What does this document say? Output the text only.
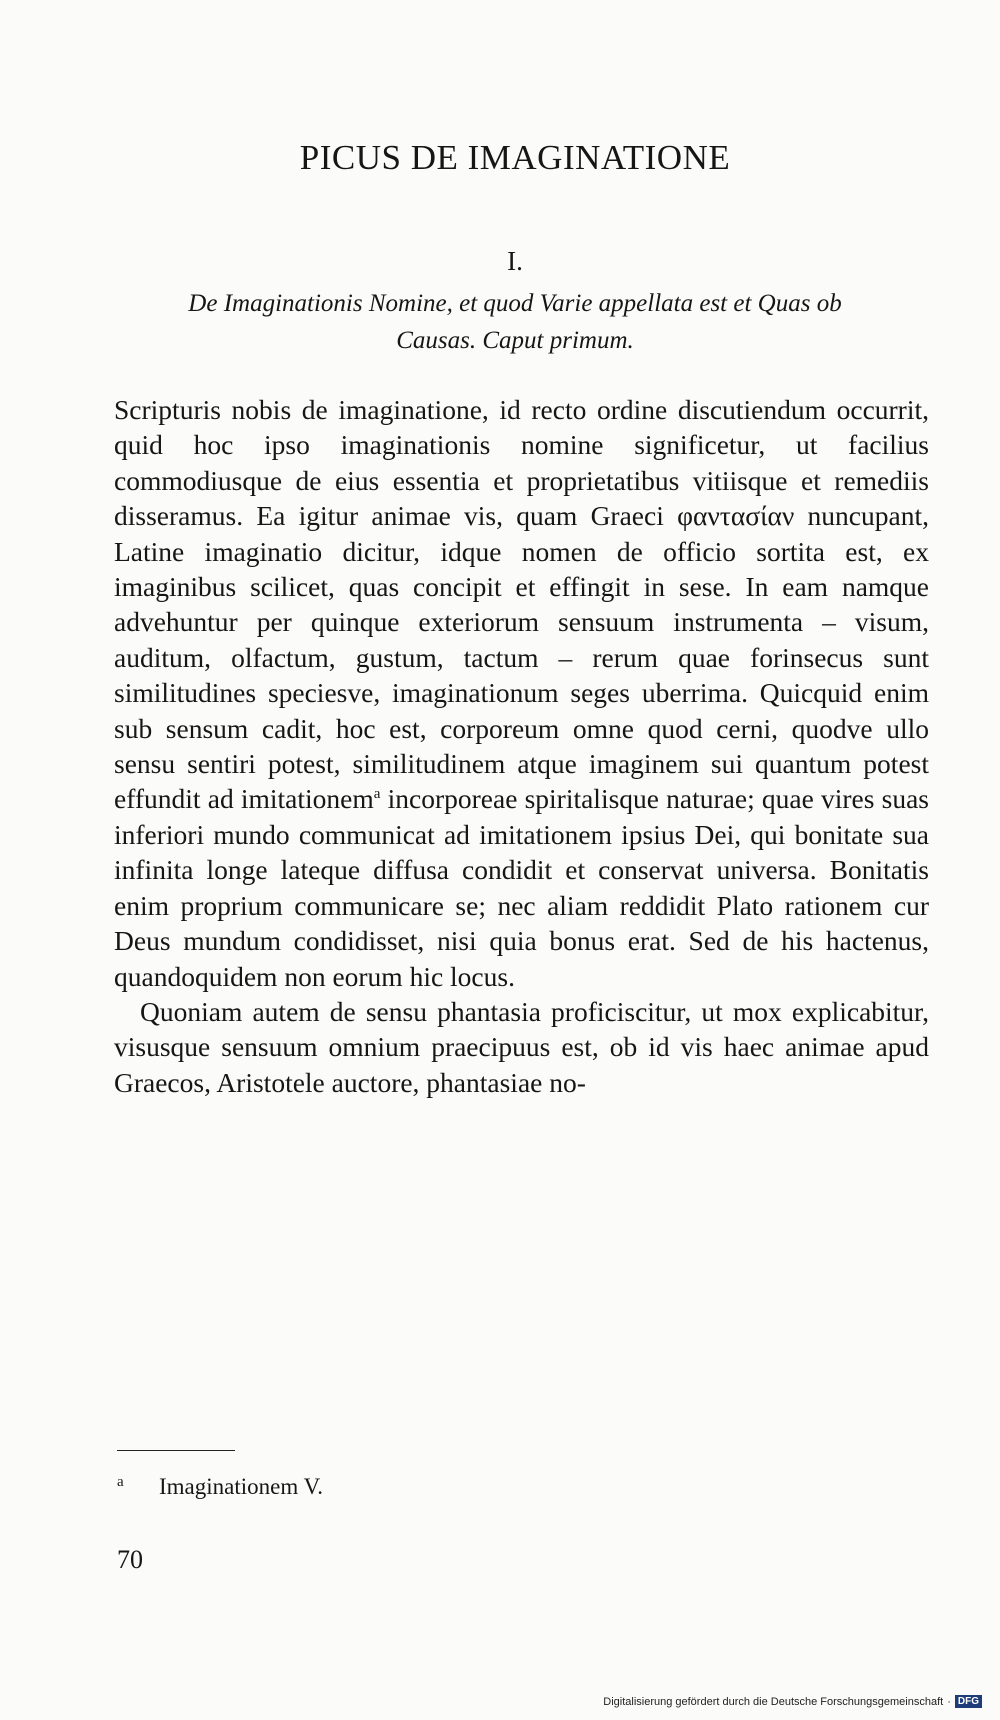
PICUS DE IMAGINATIONE
I.
De Imaginationis Nomine, et quod Varie appellata est et Quas ob
Causas. Caput primum.

Scripturis nobis de imaginatione, id recto ordine discutiendum occurrit, quid hoc ipso imaginationis nomine significetur, ut facilius commodiusque de eius essentia et proprietatibus vitiisque et remediis disseramus. Ea igitur animae vis, quam Graeci φαντασίαν nuncupant, Latine imaginatio dicitur, idque nomen de officio sortita est, ex imaginibus scilicet, quas concipit et effingit in sese. In eam namque advehuntur per quinque exteriorum sensuum instrumenta – visum, auditum, olfactum, gustum, tactum – rerum quae forinsecus sunt similitudines speciesve, imaginationum seges uberrima. Quicquid enim sub sensum cadit, hoc est, corporeum omne quod cerni, quodve ullo sensu sentiri potest, similitudinem atque imaginem sui quantum potest effundit ad imitationem$^a$ incorporeae spiritalisque naturae; quae vires suas inferiori mundo communicat ad imitationem ipsius Dei, qui bonitate sua infinita longe lateque diffusa condidit et conservat universa. Bonitatis enim proprium communicare se; nec aliam reddidit Plato rationem cur Deus mundum condidisset, nisi quia bonus erat. Sed de his hactenus, quandoquidem non eorum hic locus.

Quoniam autem de sensu phantasia proficiscitur, ut mox explicabitur, visusque sensuum omnium praecipuus est, ob id vis haec animae apud Graecos, Aristotele auctore, phantasiae no-

a Imaginationem V.
70
Digitalisierung gefördert durch die Deutsche Forschungsgemeinschaft · DFG
